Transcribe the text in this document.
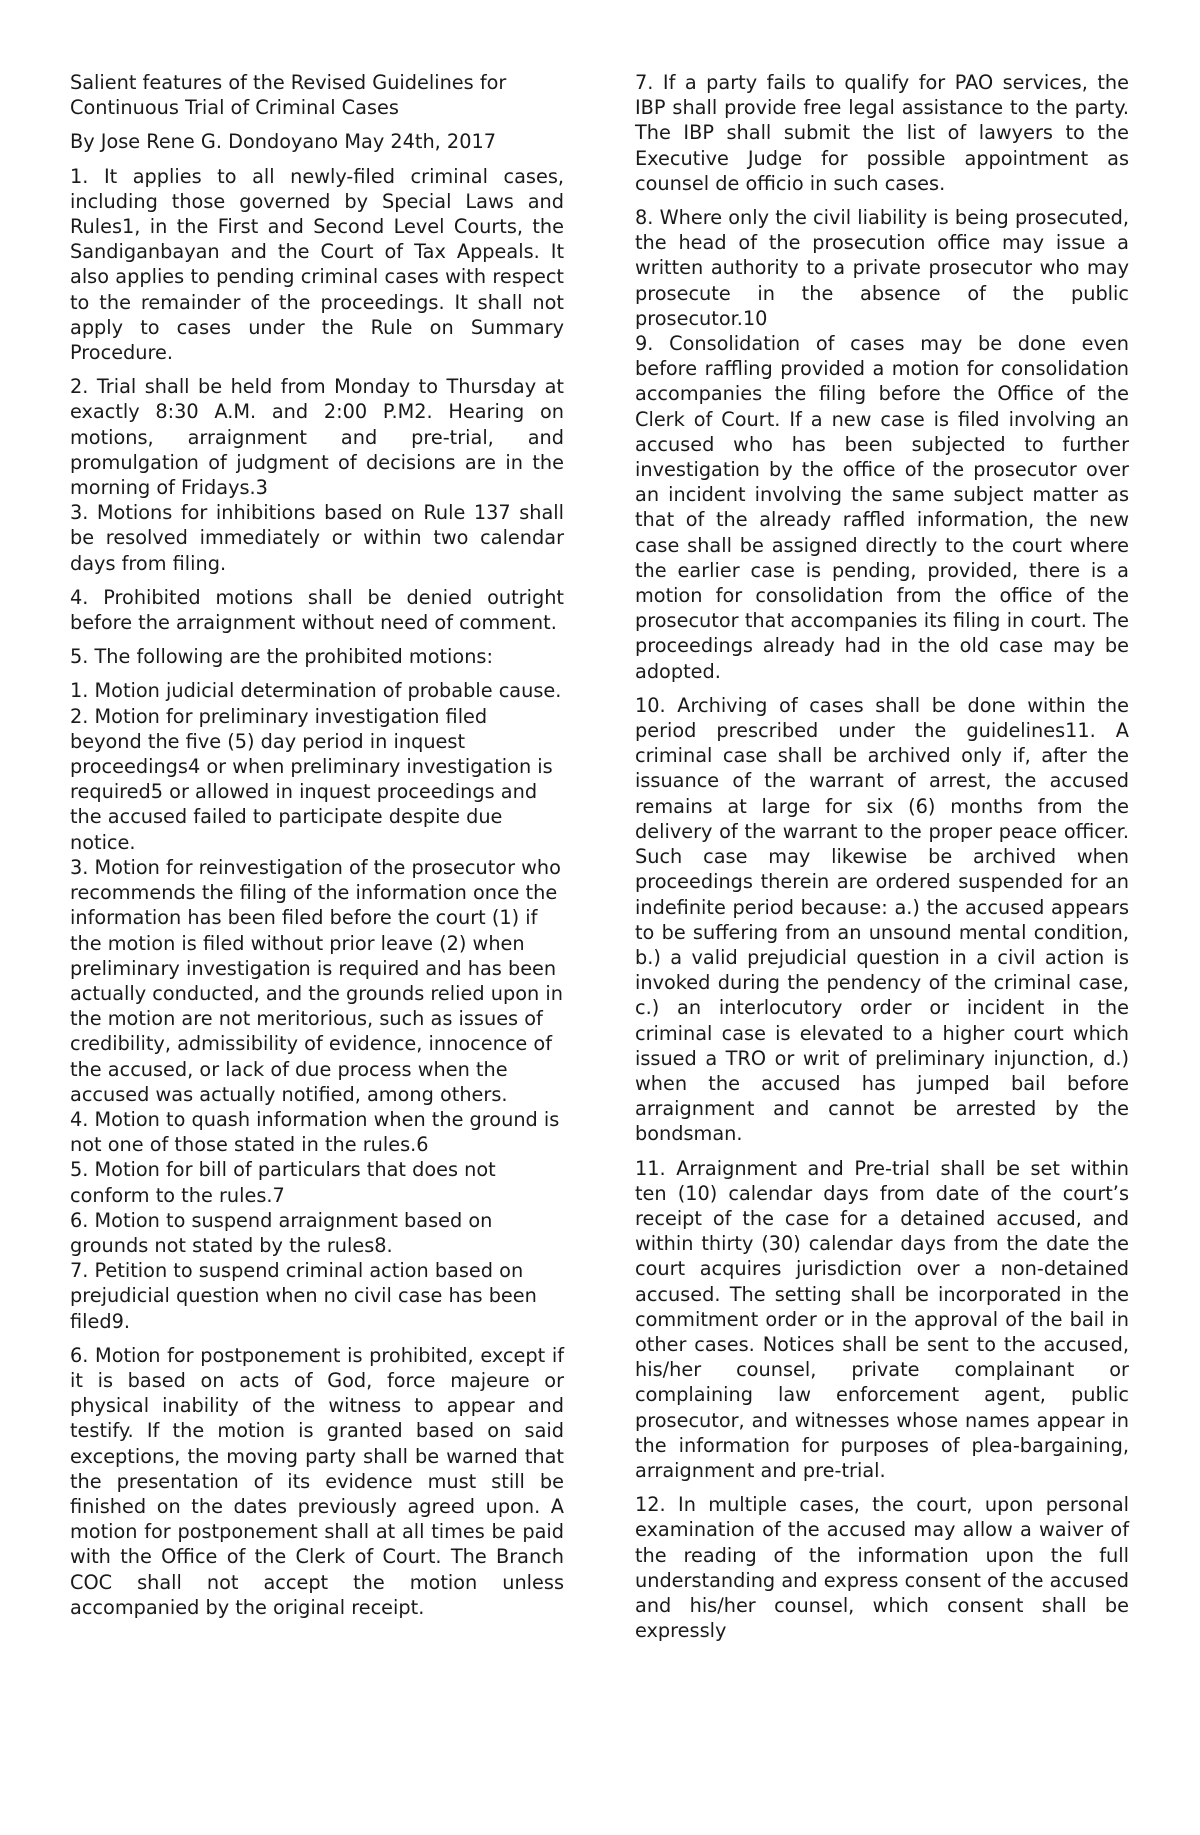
Salient features of the Revised Guidelines for Continuous Trial of Criminal Cases

By Jose Rene G. Dondoyano May 24th, 2017

1. It applies to all newly-filed criminal cases, including those governed by Special Laws and Rules1, in the First and Second Level Courts, the Sandiganbayan and the Court of Tax Appeals. It also applies to pending criminal cases with respect to the remainder of the proceedings. It shall not apply to cases under the Rule on Summary Procedure.

2. Trial shall be held from Monday to Thursday at exactly 8:30 A.M. and 2:00 P.M2. Hearing on motions, arraignment and pre-trial, and promulgation of judgment of decisions are in the morning of Fridays.3

3. Motions for inhibitions based on Rule 137 shall be resolved immediately or within two calendar days from filing.

4. Prohibited motions shall be denied outright before the arraignment without need of comment.

5. The following are the prohibited motions:

1. Motion judicial determination of probable cause.
2. Motion for preliminary investigation filed beyond the five (5) day period in inquest proceedings4 or when preliminary investigation is required5 or allowed in inquest proceedings and the accused failed to participate despite due notice.
3. Motion for reinvestigation of the prosecutor who recommends the filing of the information once the information has been filed before the court (1) if the motion is filed without prior leave (2) when preliminary investigation is required and has been actually conducted, and the grounds relied upon in the motion are not meritorious, such as issues of credibility, admissibility of evidence, innocence of the accused, or lack of due process when the accused was actually notified, among others.
4. Motion to quash information when the ground is not one of those stated in the rules.6
5. Motion for bill of particulars that does not conform to the rules.7
6. Motion to suspend arraignment based on grounds not stated by the rules8.
7. Petition to suspend criminal action based on prejudicial question when no civil case has been filed9.

6. Motion for postponement is prohibited, except if it is based on acts of God, force majeure or physical inability of the witness to appear and testify. If the motion is granted based on said exceptions, the moving party shall be warned that the presentation of its evidence must still be finished on the dates previously agreed upon. A motion for postponement shall at all times be paid with the Office of the Clerk of Court. The Branch COC shall not accept the motion unless accompanied by the original receipt.

7. If a party fails to qualify for PAO services, the IBP shall provide free legal assistance to the party. The IBP shall submit the list of lawyers to the Executive Judge for possible appointment as counsel de officio in such cases.

8. Where only the civil liability is being prosecuted, the head of the prosecution office may issue a written authority to a private prosecutor who may prosecute in the absence of the public prosecutor.10

9. Consolidation of cases may be done even before raffling provided a motion for consolidation accompanies the filing before the Office of the Clerk of Court. If a new case is filed involving an accused who has been subjected to further investigation by the office of the prosecutor over an incident involving the same subject matter as that of the already raffled information, the new case shall be assigned directly to the court where the earlier case is pending, provided, there is a motion for consolidation from the office of the prosecutor that accompanies its filing in court. The proceedings already had in the old case may be adopted.

10. Archiving of cases shall be done within the period prescribed under the guidelines11. A criminal case shall be archived only if, after the issuance of the warrant of arrest, the accused remains at large for six (6) months from the delivery of the warrant to the proper peace officer. Such case may likewise be archived when proceedings therein are ordered suspended for an indefinite period because: a.) the accused appears to be suffering from an unsound mental condition, b.) a valid prejudicial question in a civil action is invoked during the pendency of the criminal case, c.) an interlocutory order or incident in the criminal case is elevated to a higher court which issued a TRO or writ of preliminary injunction, d.) when the accused has jumped bail before arraignment and cannot be arrested by the bondsman.

11. Arraignment and Pre-trial shall be set within ten (10) calendar days from date of the court’s receipt of the case for a detained accused, and within thirty (30) calendar days from the date the court acquires jurisdiction over a non-detained accused. The setting shall be incorporated in the commitment order or in the approval of the bail in other cases. Notices shall be sent to the accused, his/her counsel, private complainant or complaining law enforcement agent, public prosecutor, and witnesses whose names appear in the information for purposes of plea-bargaining, arraignment and pre-trial.

12. In multiple cases, the court, upon personal examination of the accused may allow a waiver of the reading of the information upon the full understanding and express consent of the accused and his/her counsel, which consent shall be expressly
